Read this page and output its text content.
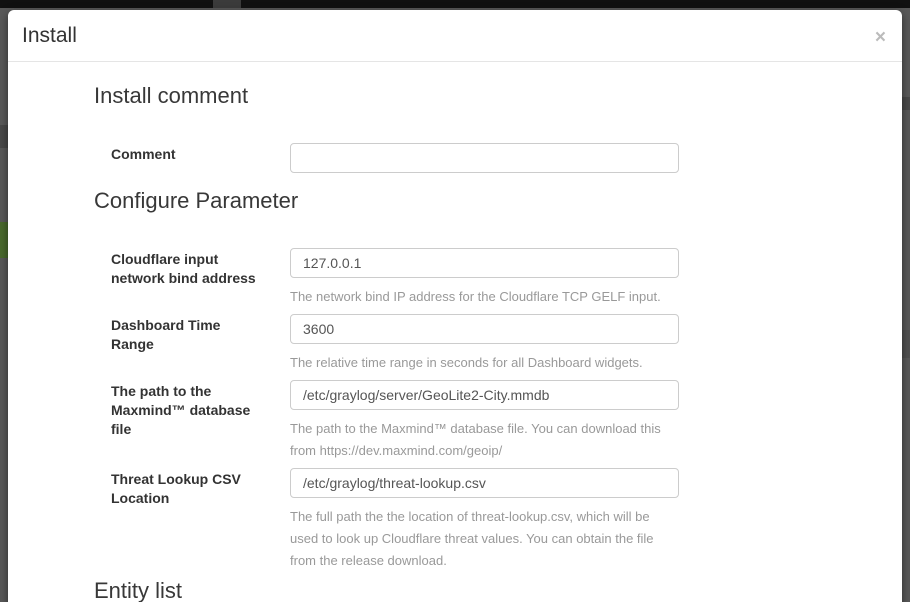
Install	×
Install comment
Comment
Configure Parameter
Cloudflare input network bind address
127.0.0.1
The network bind IP address for the Cloudflare TCP GELF input.
Dashboard Time Range
3600
The relative time range in seconds for all Dashboard widgets.
The path to the Maxmind™ database file
/etc/graylog/server/GeoLite2-City.mmdb	The path to the Maxmind™ database file. You can download this from https://dev.maxmind.com/geoip/
Threat Lookup CSV Location
/etc/graylog/threat-lookup.csv
The full path the the location of threat-lookup.csv, which will be used to look up Cloudflare threat values. You can obtain the file from the release download.
Entity list
